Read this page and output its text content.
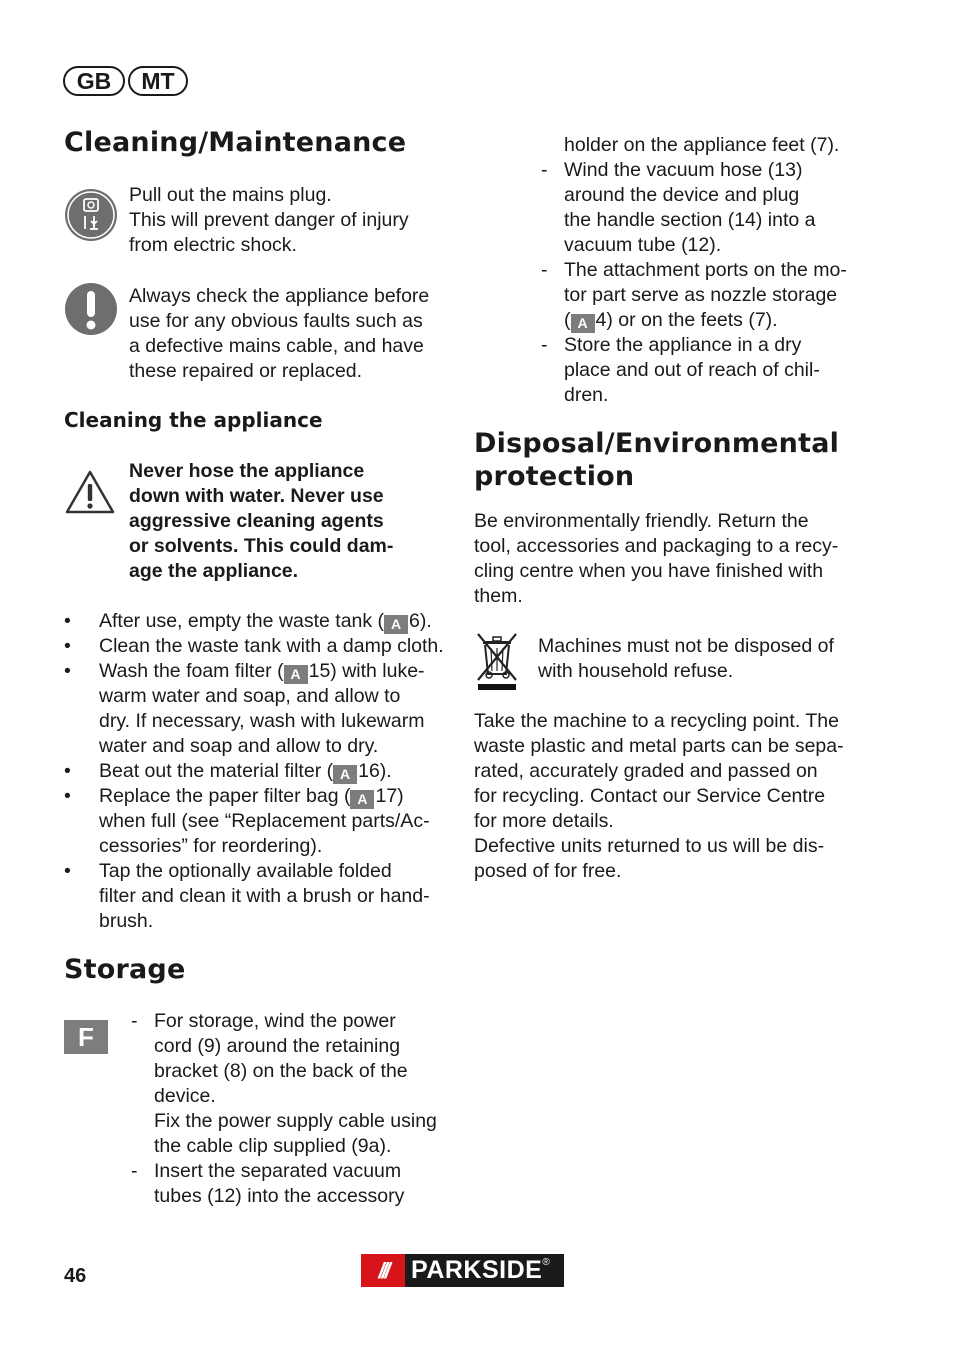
GB	MT
Cleaning/Maintenance
Pull out the mains plug.
This will prevent danger of injury
from electric shock.
Always check the appliance before
use for any obvious faults such as
a defective mains cable, and have
these repaired or replaced.
Cleaning the appliance
Never hose the appliance
down with water. Never use
aggressive cleaning agents
or solvents. This could dam-
age the appliance.
• After use, empty the waste tank ( A 6).
• Clean the waste tank with a damp cloth.
• Wash the foam filter ( A 15) with luke-
warm water and soap, and allow to
dry. If necessary, wash with lukewarm
water and soap and allow to dry.
• Beat out the material filter ( A 16).
• Replace the paper filter bag ( A 17)
when full (see “Replacement parts/Ac-
cessories” for reordering).
• Tap the optionally available folded
filter and clean it with a brush or hand-
brush.
Storage
F
- For storage, wind the power
cord (9) around the retaining
bracket (8) on the back of the
device.
Fix the power supply cable using
the cable clip supplied (9a).
- Insert the separated vacuum
tubes (12) into the accessory
46	/// PARKSIDE ®
holder on the appliance feet (7).
- Wind the vacuum hose (13)
around the device and plug
the handle section (14) into a
vacuum tube (12).
- The attachment ports on the mo-
tor part serve as nozzle storage
( A 4) or on the feets (7).
- Store the appliance in a dry
place and out of reach of chil-
dren.
Disposal/Environmental
protection
Be environmentally friendly. Return the
tool, accessories and packaging to a recy-
cling centre when you have finished with
them.
Machines must not be disposed of
with household refuse.
Take the machine to a recycling point. The
waste plastic and metal parts can be sepa-
rated, accurately graded and passed on
for recycling. Contact our Service Centre
for more details.
Defective units returned to us will be dis-
posed of for free.
